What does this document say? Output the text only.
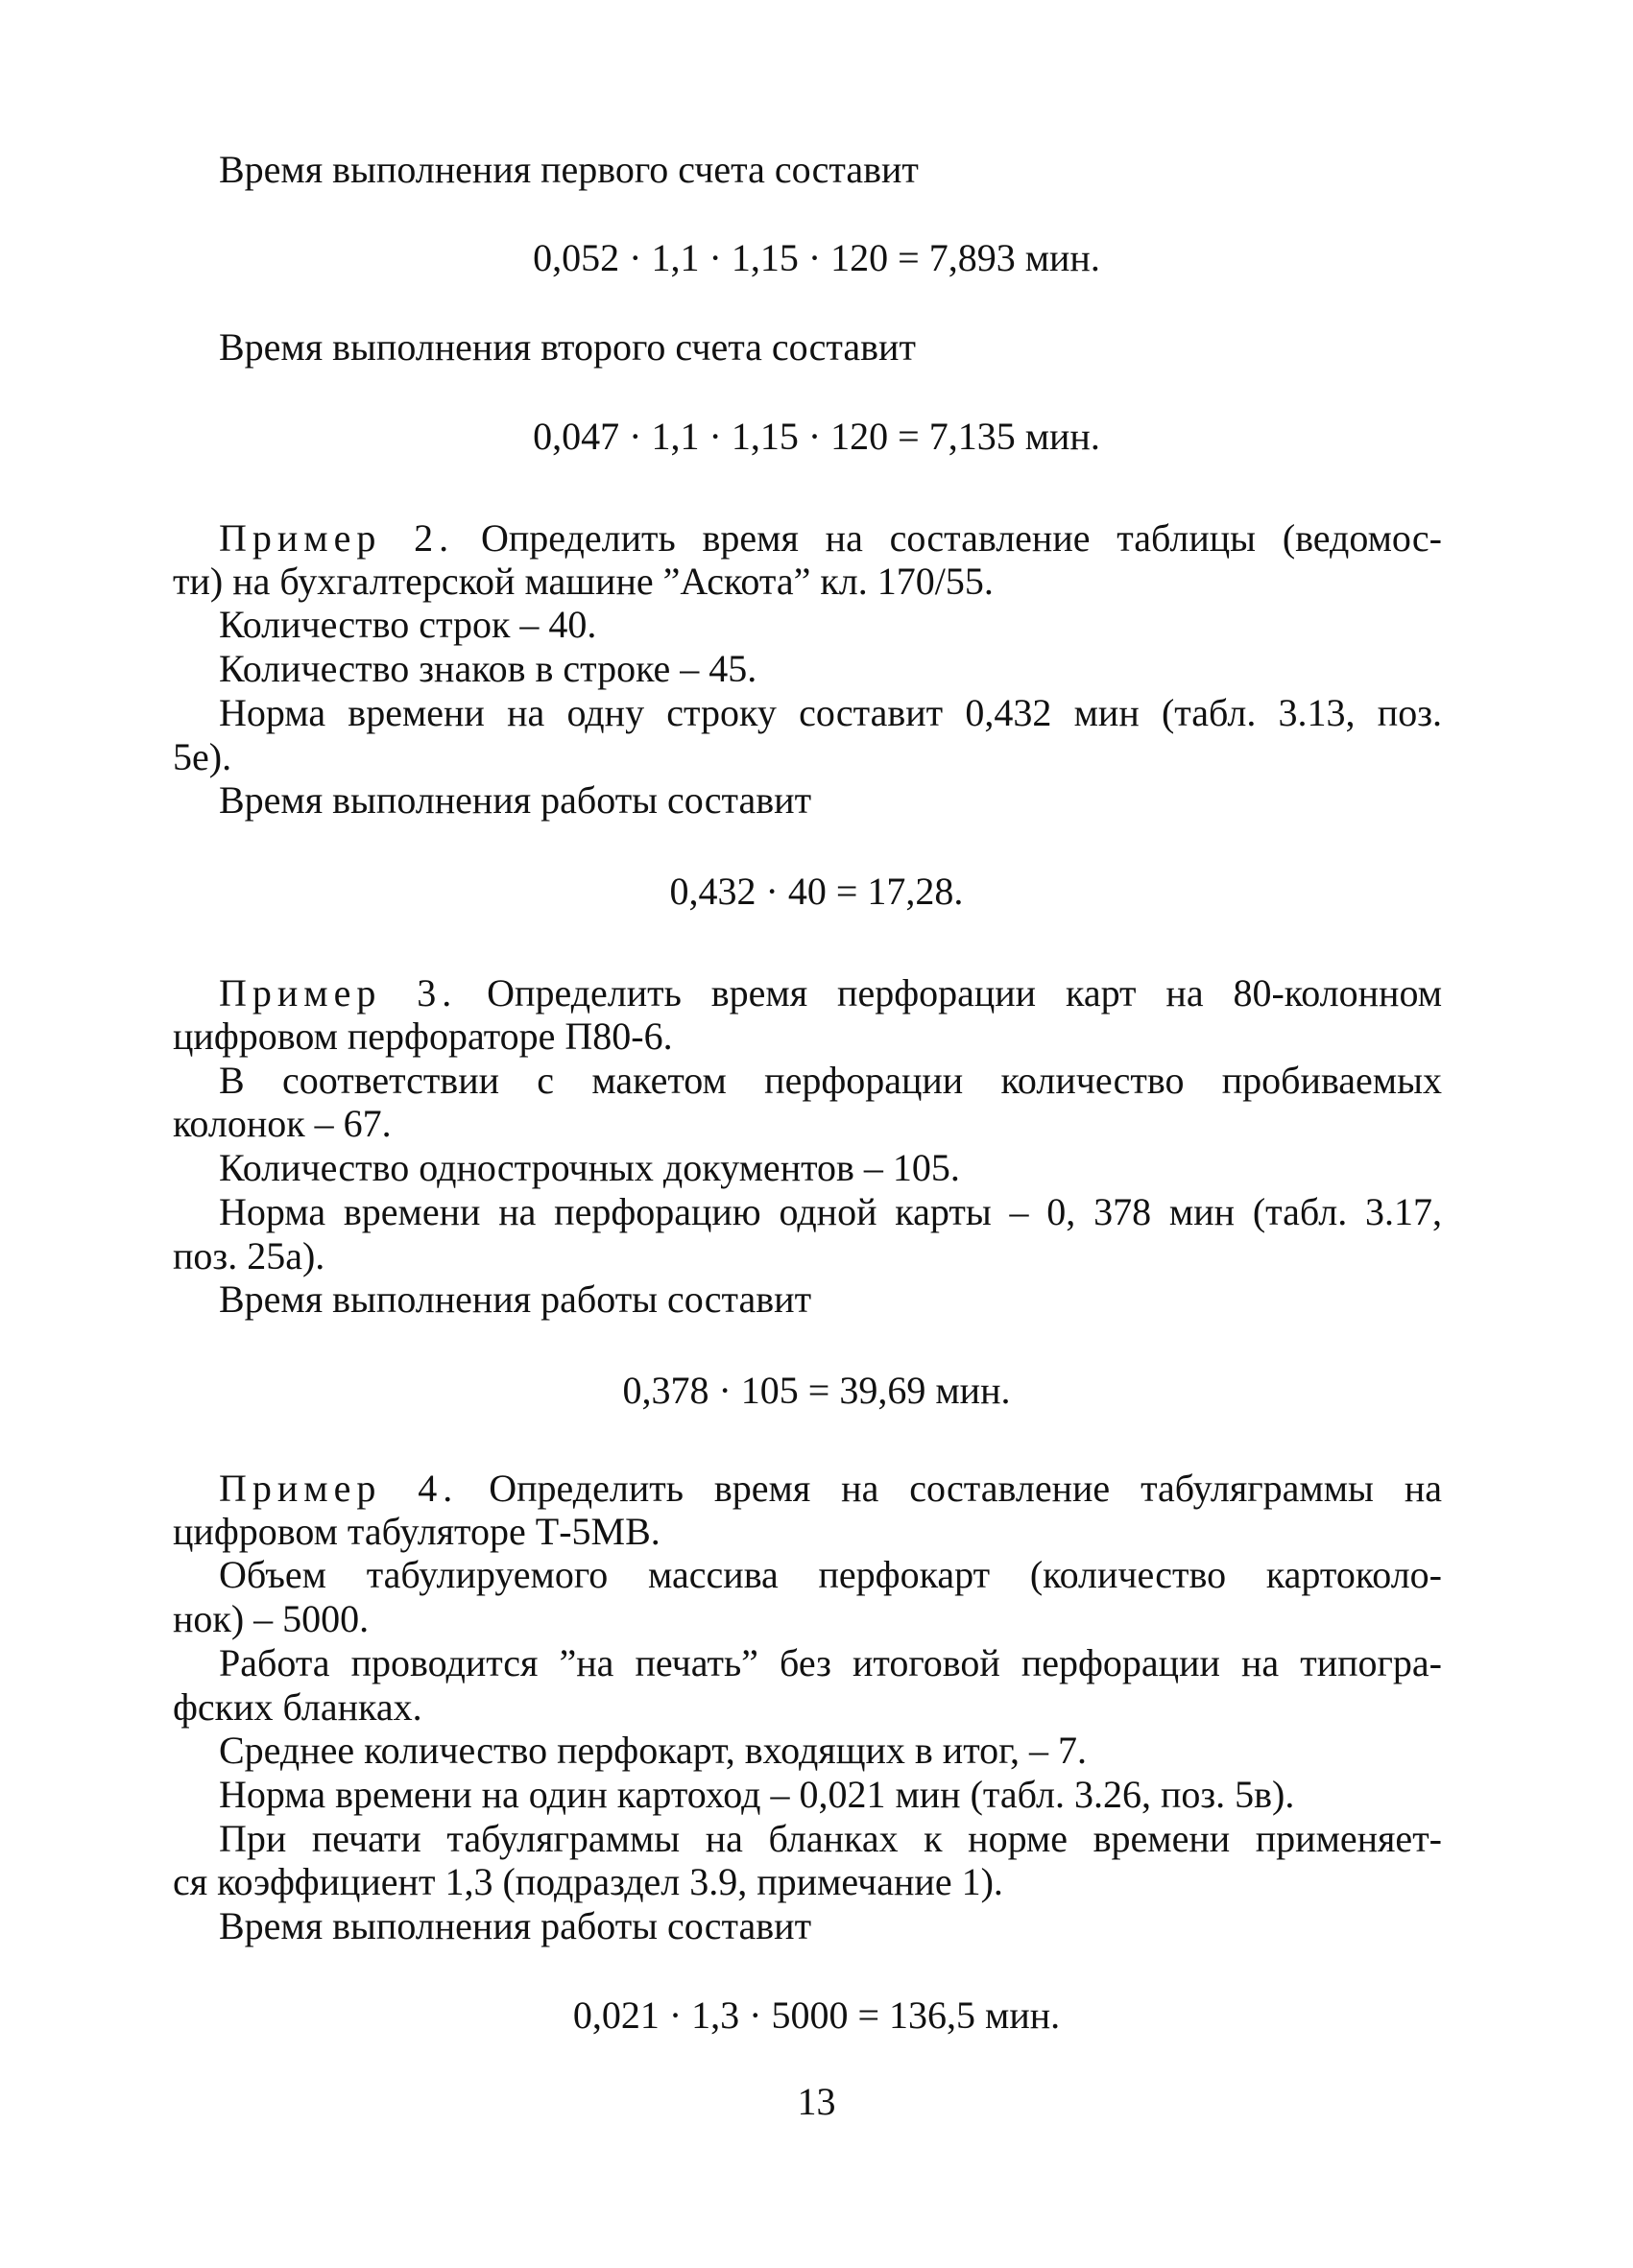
Время выполнения первого счета составит
0,052 · 1,1 · 1,15 · 120 = 7,893 мин.
Время выполнения второго счета составит
0,047 · 1,1 · 1,15 · 120 = 7,135 мин.
Пример 2. Определить время на составление таблицы (ведомос-
ти) на бухгалтерской машине ”Аскота” кл. 170/55.
Количество строк – 40.
Количество знаков в строке – 45.
Норма времени на одну строку составит 0,432 мин (табл. 3.13, поз.
5е).
Время выполнения работы составит
0,432 · 40 = 17,28.
Пример 3. Определить время перфорации карт на 80-колонном
цифровом перфораторе П80-6.
В соответствии с макетом перфорации количество пробиваемых
колонок – 67.
Количество однострочных документов – 105.
Норма времени на перфорацию одной карты – 0, 378 мин (табл. 3.17,
поз. 25а).
Время выполнения работы составит
0,378 · 105 = 39,69 мин.
Пример 4. Определить время на составление табуляграммы на
цифровом табуляторе Т-5МВ.
Объем табулируемого массива перфокарт (количество картоколо-
нок) – 5000.
Работа проводится ”на печать” без итоговой перфорации на типогра-
фских бланках.
Среднее количество перфокарт, входящих в итог, – 7.
Норма времени на один картоход – 0,021 мин (табл. 3.26, поз. 5в).
При печати табуляграммы на бланках к норме времени применяет-
ся коэффициент 1,3 (подраздел 3.9, примечание 1).
Время выполнения работы составит
0,021 · 1,3 · 5000 = 136,5 мин.
13
